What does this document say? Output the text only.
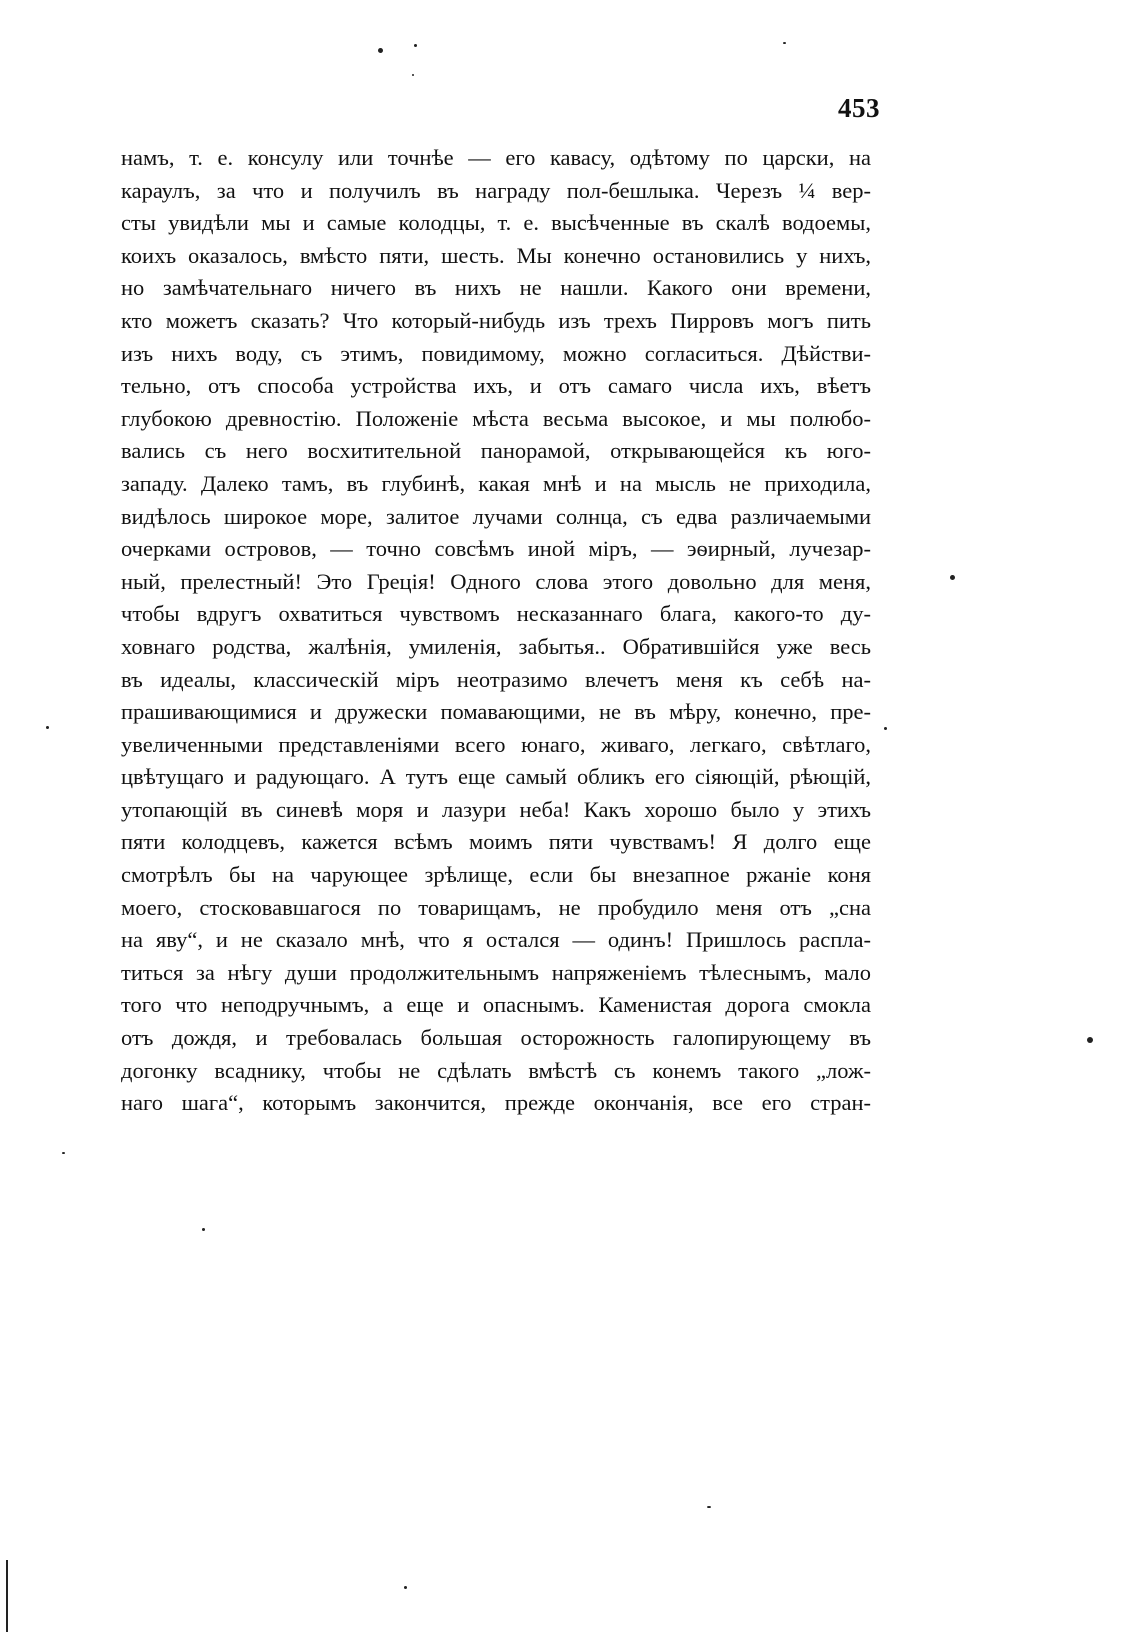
453
намъ, т. е. консулу или точнѣе — его кавасу, одѣтому по царски, на
караулъ, за что и получилъ въ награду пол-бешлыка. Черезъ ¼ вер-
сты увидѣли мы и самые колодцы, т. е. высѣченные въ скалѣ водоемы,
коихъ оказалось, вмѣсто пяти, шесть. Мы конечно остановились у нихъ,
но замѣчательнаго ничего въ нихъ не нашли. Какого они времени,
кто можетъ сказать? Что который-нибудь изъ трехъ Пирровъ могъ пить
изъ нихъ воду, съ этимъ, повидимому, можно согласиться. Дѣйстви-
тельно, отъ способа устройства ихъ, и отъ самаго числа ихъ, вѣетъ
глубокою древностію. Положеніе мѣста весьма высокое, и мы полюбо-
вались съ него восхитительной панорамой, открывающейся къ юго-
западу. Далеко тамъ, въ глубинѣ, какая мнѣ и на мысль не приходила,
видѣлось широкое море, залитое лучами солнца, съ едва различаемыми
очерками островов, — точно совсѣмъ иной міръ, — эѳирный, лучезар-
ный, прелестный! Это Греція! Одного слова этого довольно для меня,
чтобы вдругъ охватиться чувствомъ несказаннаго блага, какого-то ду-
ховнаго родства, жалѣнія, умиленія, забытья.. Обратившійся уже весь
въ идеалы, классическій міръ неотразимо влечетъ меня къ себѣ на-
прашивающимися и дружески помавающими, не въ мѣру, конечно, пре-
увеличенными представленіями всего юнаго, живаго, легкаго, свѣтлаго,
цвѣтущаго и радующаго. А тутъ еще самый обликъ его сіяющій, рѣющій,
утопающій въ синевѣ моря и лазури неба! Какъ хорошо было у этихъ
пяти колодцевъ, кажется всѣмъ моимъ пяти чувствамъ! Я долго еще
смотрѣлъ бы на чарующее зрѣлище, если бы внезапное ржаніе коня
моего, стосковавшагося по товарищамъ, не пробудило меня отъ „сна
на яву“, и не сказало мнѣ, что я остался — одинъ! Пришлось распла-
титься за нѣгу души продолжительнымъ напряженіемъ тѣлеснымъ, мало
того что неподручнымъ, а еще и опаснымъ. Каменистая дорога смокла
отъ дождя, и требовалась большая осторожность галопирующему въ
догонку всаднику, чтобы не сдѣлать вмѣстѣ съ конемъ такого „лож-
наго шага“, которымъ закончится, прежде окончанія, все его стран-
